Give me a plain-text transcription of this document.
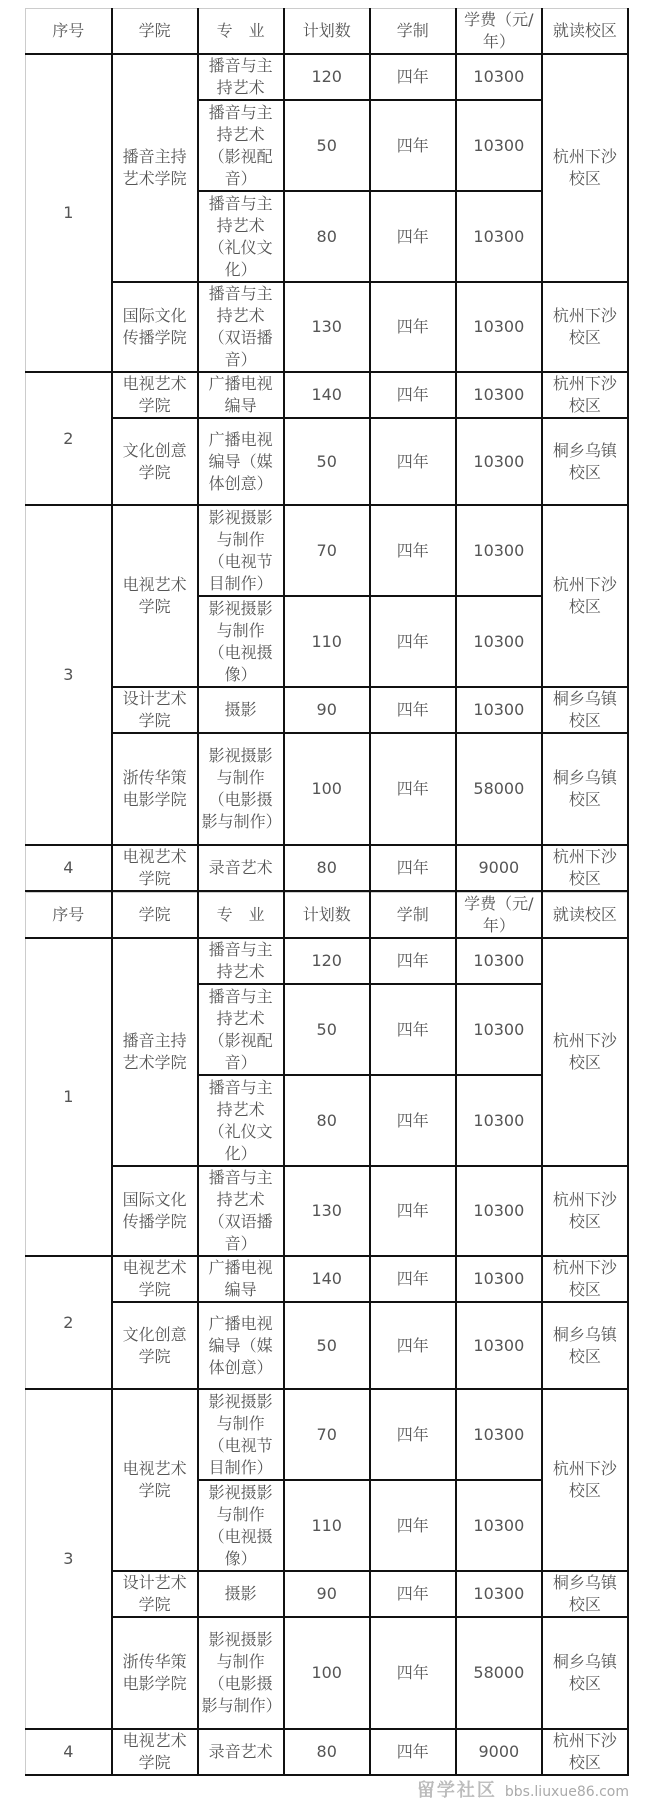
序号	学院	专　业	计划数	学制	学费（元/年）	就读校区
1	播音主持艺术学院	播音与主持艺术	120	四年	10300	杭州下沙校区
		播音与主持艺术（影视配音）	50	四年	10300	
		播音与主持艺术（礼仪文化）	80	四年	10300	
	国际文化传播学院	播音与主持艺术（双语播音）	130	四年	10300	杭州下沙校区
2	电视艺术学院	广播电视编导	140	四年	10300	杭州下沙校区
	文化创意学院	广播电视编导（媒体创意）	50	四年	10300	桐乡乌镇校区
3	电视艺术学院	影视摄影与制作（电视节目制作）	70	四年	10300	杭州下沙校区
		影视摄影与制作（电视摄像）	110	四年	10300	
	设计艺术学院	摄影	90	四年	10300	桐乡乌镇校区
	浙传华策电影学院	影视摄影与制作（电影摄影与制作）	100	四年	58000	桐乡乌镇校区
4	电视艺术学院	录音艺术	80	四年	9000	杭州下沙校区
序号	学院	专　业	计划数	学制	学费（元/年）	就读校区
1	播音主持艺术学院	播音与主持艺术	120	四年	10300	杭州下沙校区
		播音与主持艺术（影视配音）	50	四年	10300	
		播音与主持艺术（礼仪文化）	80	四年	10300	
	国际文化传播学院	播音与主持艺术（双语播音）	130	四年	10300	杭州下沙校区
2	电视艺术学院	广播电视编导	140	四年	10300	杭州下沙校区
	文化创意学院	广播电视编导（媒体创意）	50	四年	10300	桐乡乌镇校区
3	电视艺术学院	影视摄影与制作（电视节目制作）	70	四年	10300	杭州下沙校区
		影视摄影与制作（电视摄像）	110	四年	10300	
	设计艺术学院	摄影	90	四年	10300	桐乡乌镇校区
	浙传华策电影学院	影视摄影与制作（电影摄影与制作）	100	四年	58000	桐乡乌镇校区
4	电视艺术学院	录音艺术	80	四年	9000	杭州下沙校区
留学社区 bbs.liuxue86.com
